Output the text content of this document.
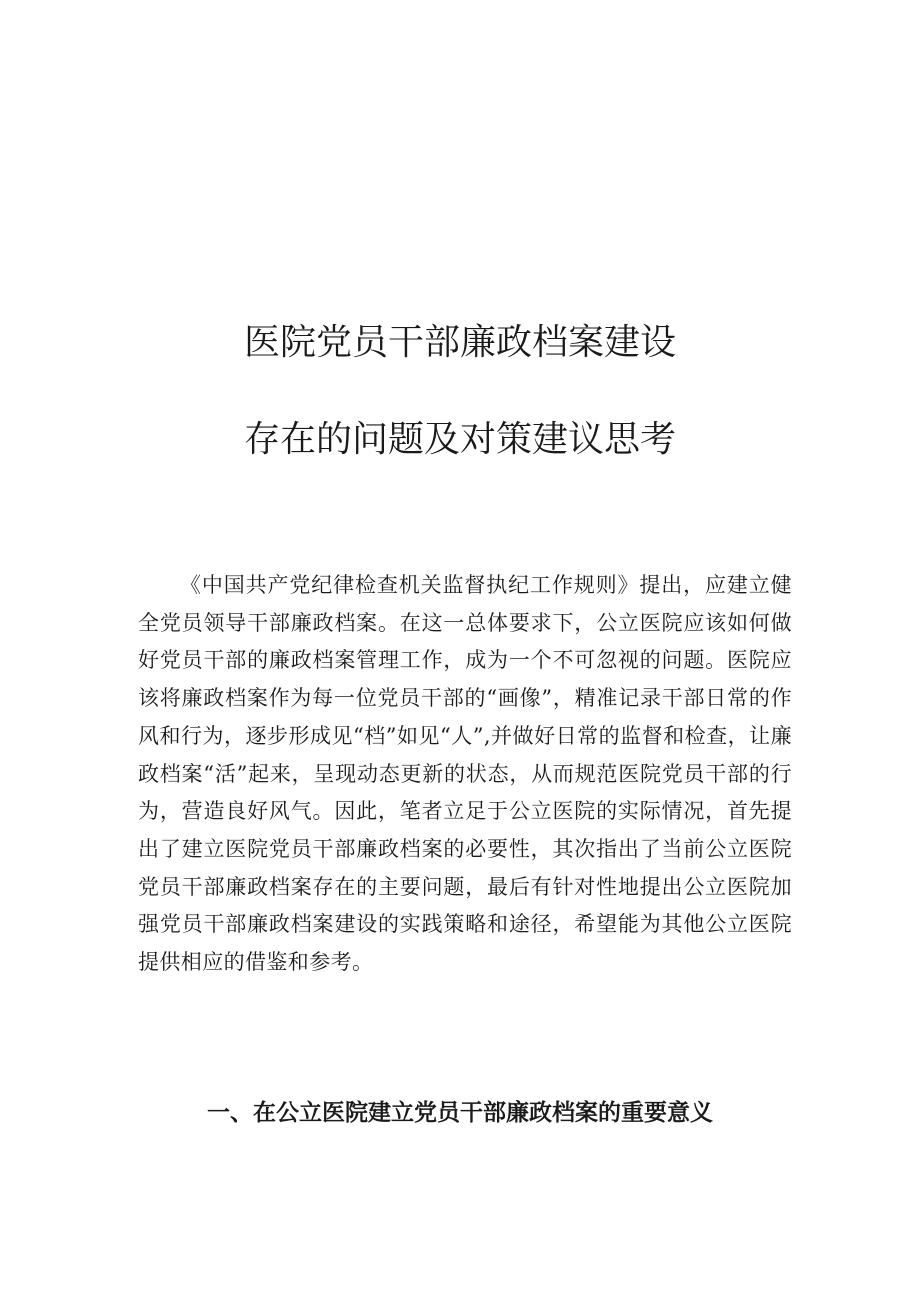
医院党员干部廉政档案建设
存在的问题及对策建议思考

《中国共产党纪律检查机关监督执纪工作规则》提出，应建立健全党员领导干部廉政档案。在这一总体要求下，公立医院应该如何做好党员干部的廉政档案管理工作，成为一个不可忽视的问题。医院应该将廉政档案作为每一位党员干部的“画像”，精准记录干部日常的作风和行为，逐步形成见“档”如见“人”,并做好日常的监督和检查，让廉政档案“活”起来，呈现动态更新的状态，从而规范医院党员干部的行为，营造良好风气。因此，笔者立足于公立医院的实际情况，首先提出了建立医院党员干部廉政档案的必要性，其次指出了当前公立医院党员干部廉政档案存在的主要问题，最后有针对性地提出公立医院加强党员干部廉政档案建设的实践策略和途径，希望能为其他公立医院提供相应的借鉴和参考。

一、在公立医院建立党员干部廉政档案的重要意义
